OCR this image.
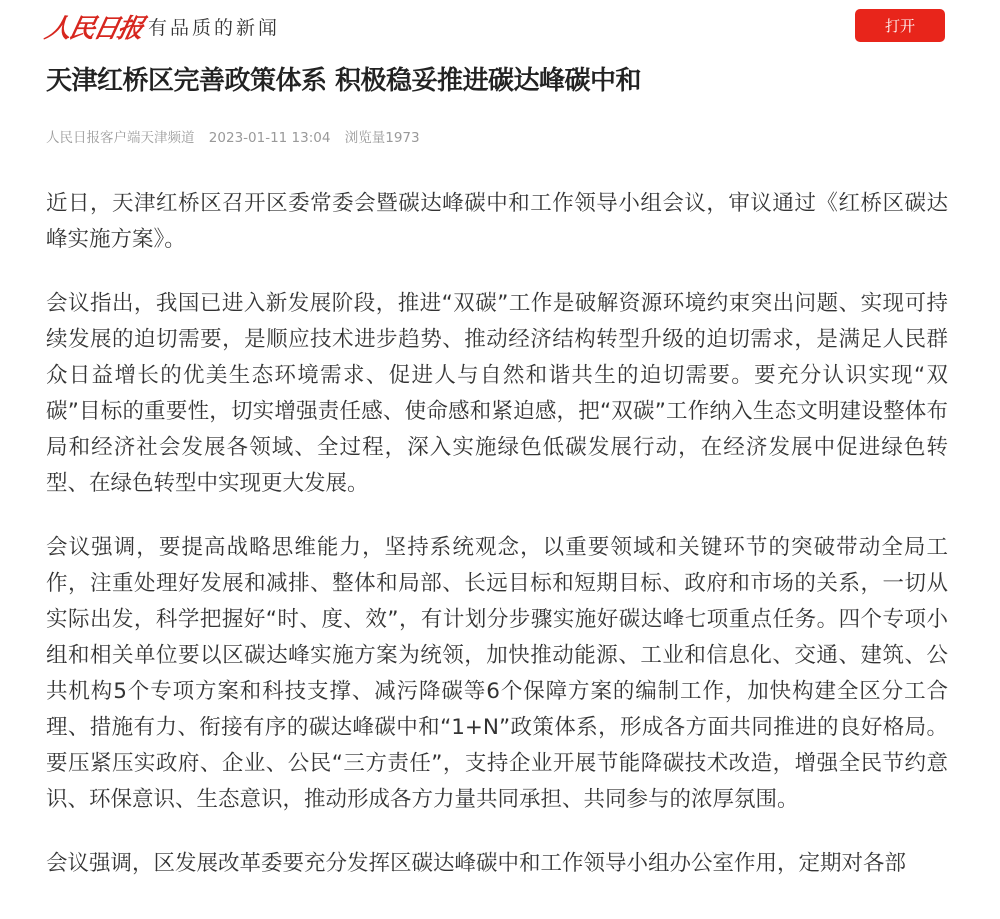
人民日报 有品质的新闻	打开
天津红桥区完善政策体系 积极稳妥推进碳达峰碳中和
人民日报客户端天津频道 2023-01-11 13:04 浏览量1973

近日，天津红桥区召开区委常委会暨碳达峰碳中和工作领导小组会议，审议通过《红桥区碳达峰实施方案》。

会议指出，我国已进入新发展阶段，推进“双碳”工作是破解资源环境约束突出问题、实现可持续发展的迫切需要，是顺应技术进步趋势、推动经济结构转型升级的迫切需求，是满足人民群众日益增长的优美生态环境需求、促进人与自然和谐共生的迫切需要。要充分认识实现“双碳”目标的重要性，切实增强责任感、使命感和紧迫感，把“双碳”工作纳入生态文明建设整体布局和经济社会发展各领域、全过程，深入实施绿色低碳发展行动，在经济发展中促进绿色转型、在绿色转型中实现更大发展。

会议强调，要提高战略思维能力，坚持系统观念，以重要领域和关键环节的突破带动全局工作，注重处理好发展和减排、整体和局部、长远目标和短期目标、政府和市场的关系，一切从实际出发，科学把握好“时、度、效”，有计划分步骤实施好碳达峰七项重点任务。四个专项小组和相关单位要以区碳达峰实施方案为统领，加快推动能源、工业和信息化、交通、建筑、公共机构5个专项方案和科技支撑、减污降碳等6个保障方案的编制工作，加快构建全区分工合理、措施有力、衔接有序的碳达峰碳中和“1+N”政策体系，形成各方面共同推进的良好格局。要压紧压实政府、企业、公民“三方责任”，支持企业开展节能降碳技术改造，增强全民节约意识、环保意识、生态意识，推动形成各方力量共同承担、共同参与的浓厚氛围。

会议强调，区发展改革委要充分发挥区碳达峰碳中和工作领导小组办公室作用，定期对各部
